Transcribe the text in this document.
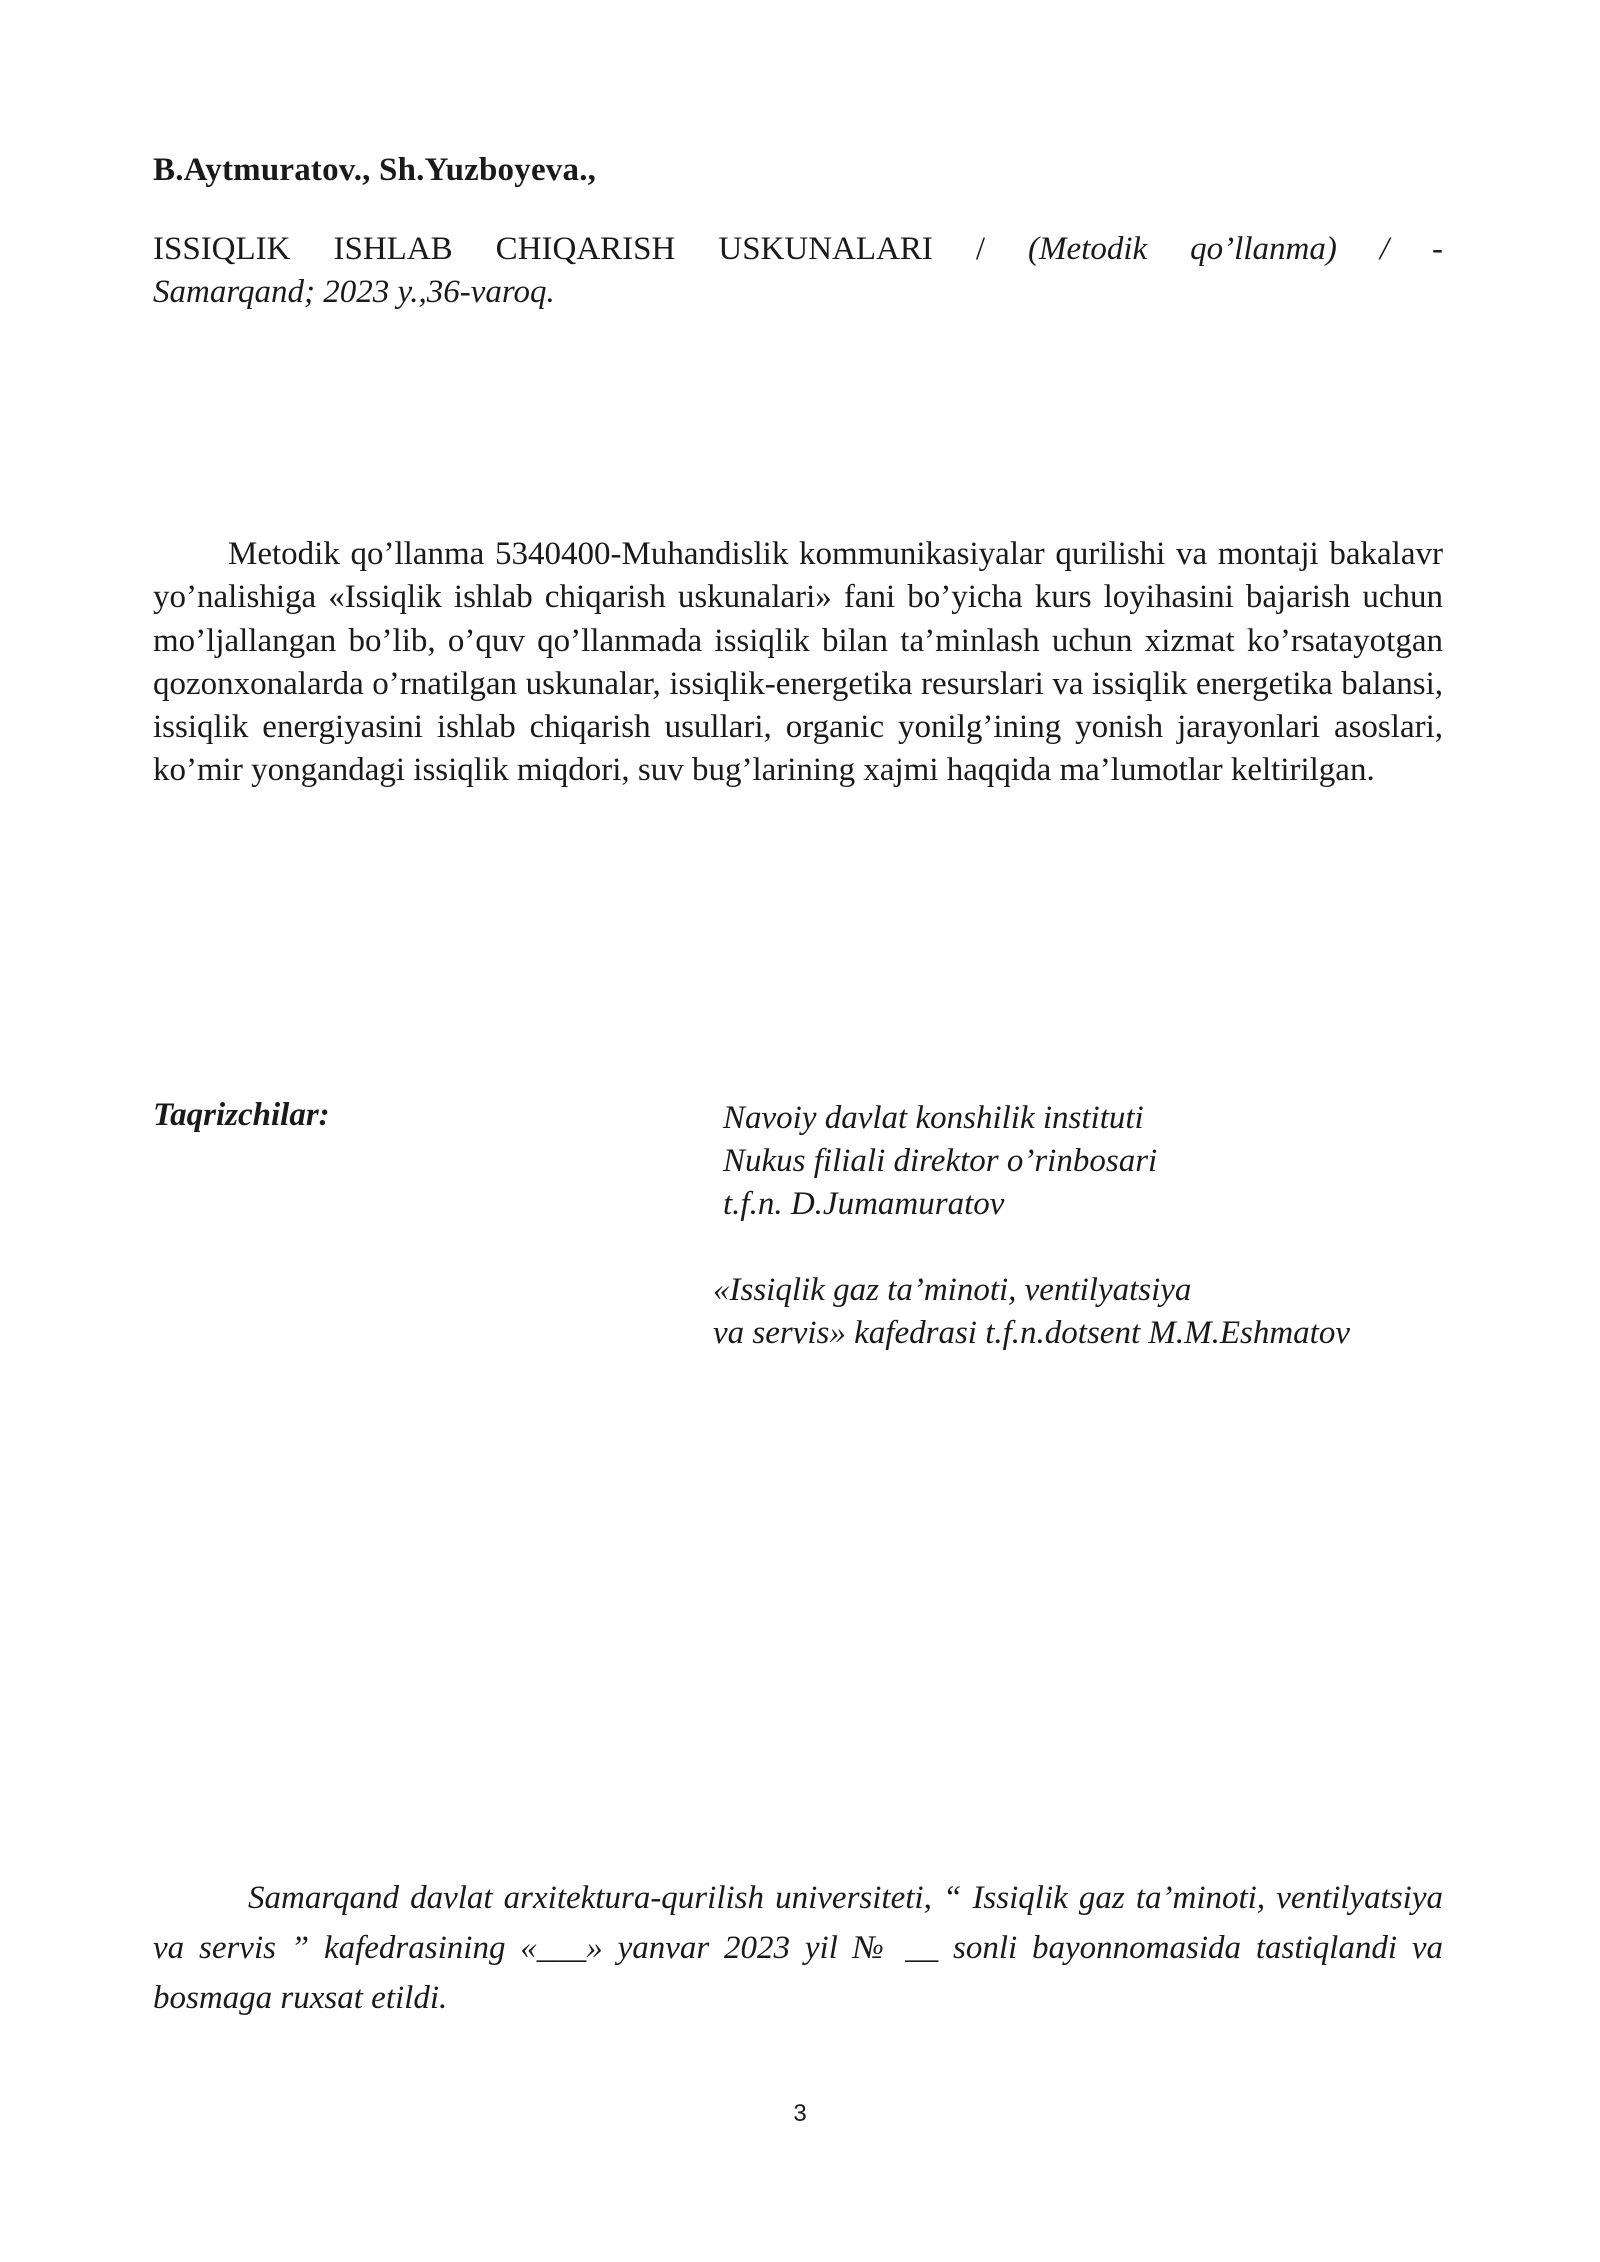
B.Aytmuratov., Sh.Yuzboyeva.,
ISSIQLIK ISHLAB CHIQARISH USKUNALARI / (Metodik qo’llanma) / -
Samarqand; 2023 y.,36-varoq.

Metodik qo’llanma 5340400-Muhandislik kommunikasiyalar qurilishi va montaji bakalavr yo’nalishiga «Issiqlik ishlab chiqarish uskunalari» fani bo’yicha kurs loyihasini bajarish uchun mo’ljallangan bo’lib, o’quv qo’llanmada issiqlik bilan ta’minlash uchun xizmat ko’rsatayotgan qozonxonalarda o’rnatilgan uskunalar, issiqlik-energetika resurslari va issiqlik energetika balansi, issiqlik energiyasini ishlab chiqarish usullari, organic yonilg’ining yonish jarayonlari asoslari, ko’mir yongandagi issiqlik miqdori, suv bug’larining xajmi haqqida ma’lumotlar keltirilgan.

Taqrizchilar:	Navoiy davlat konshilik instituti
Nukus filiali direktor o’rinbosari
t.f.n. D.Jumamuratov
«Issiqlik gaz ta’minoti, ventilyatsiya
va servis» kafedrasi t.f.n.dotsent M.M.Eshmatov

Samarqand davlat arxitektura-qurilish universiteti, “ Issiqlik gaz ta’minoti, ventilyatsiya va servis ” kafedrasining «___» yanvar 2023 yil № __ sonli bayonnomasida tastiqlandi va bosmaga ruxsat etildi.

3
